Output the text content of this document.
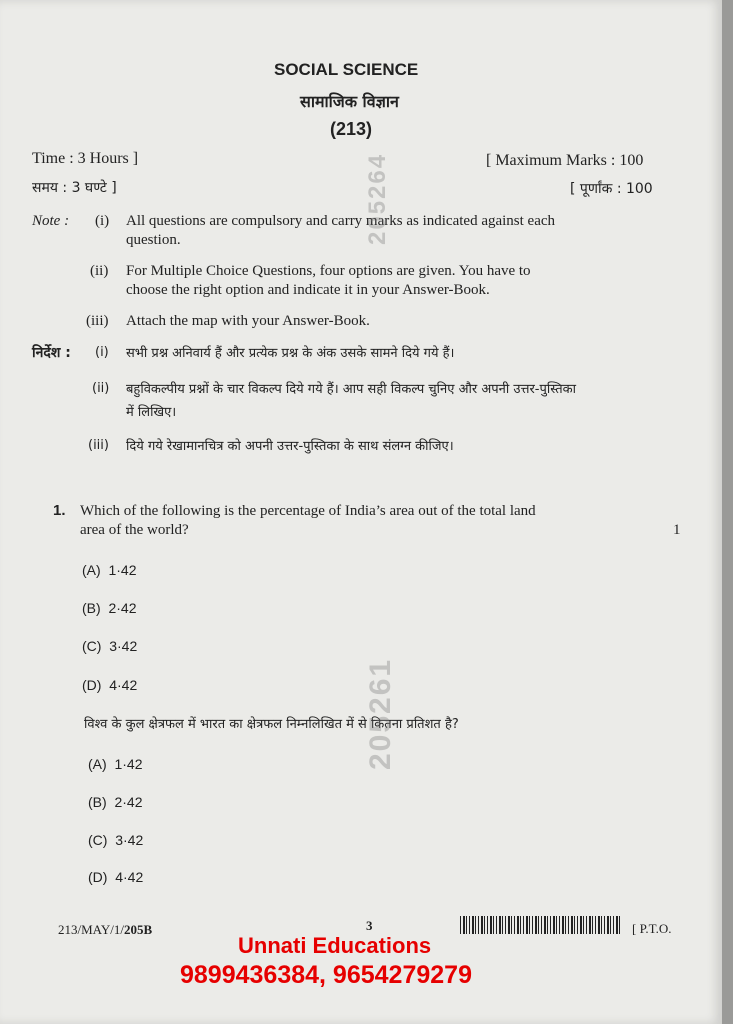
SOCIAL SCIENCE
सामाजिक विज्ञान
(213)
Time : 3 Hours ]
समय : 3 घण्टे ]
[ Maximum Marks : 100
[ पूर्णांक : 100
Note : (i) All questions are compulsory and carry marks as indicated against each
question.
(ii) For Multiple Choice Questions, four options are given. You have to
choose the right option and indicate it in your Answer-Book.
(iii) Attach the map with your Answer-Book.
निर्देश : (i) सभी प्रश्न अनिवार्य हैं और प्रत्येक प्रश्न के अंक उसके सामने दिये गये हैं।
(ii) बहुविकल्पीय प्रश्नों के चार विकल्प दिये गये हैं। आप सही विकल्प चुनिए और अपनी उत्तर-पुस्तिका
में लिखिए।
(iii) दिये गये रेखामानचित्र को अपनी उत्तर-पुस्तिका के साथ संलग्न कीजिए।
1. Which of the following is the percentage of India’s area out of the total land
area of the world?	1
(A) 1·42
(B) 2·42
(C) 3·42
(D) 4·42
विश्व के कुल क्षेत्रफल में भारत का क्षेत्रफल निम्नलिखित में से कितना प्रतिशत है?
(A) 1·42
(B) 2·42
(C) 3·42
(D) 4·42
205264
205261
213/MAY/1/205B	3	[ P.T.O.
Unnati Educations
9899436384, 9654279279
